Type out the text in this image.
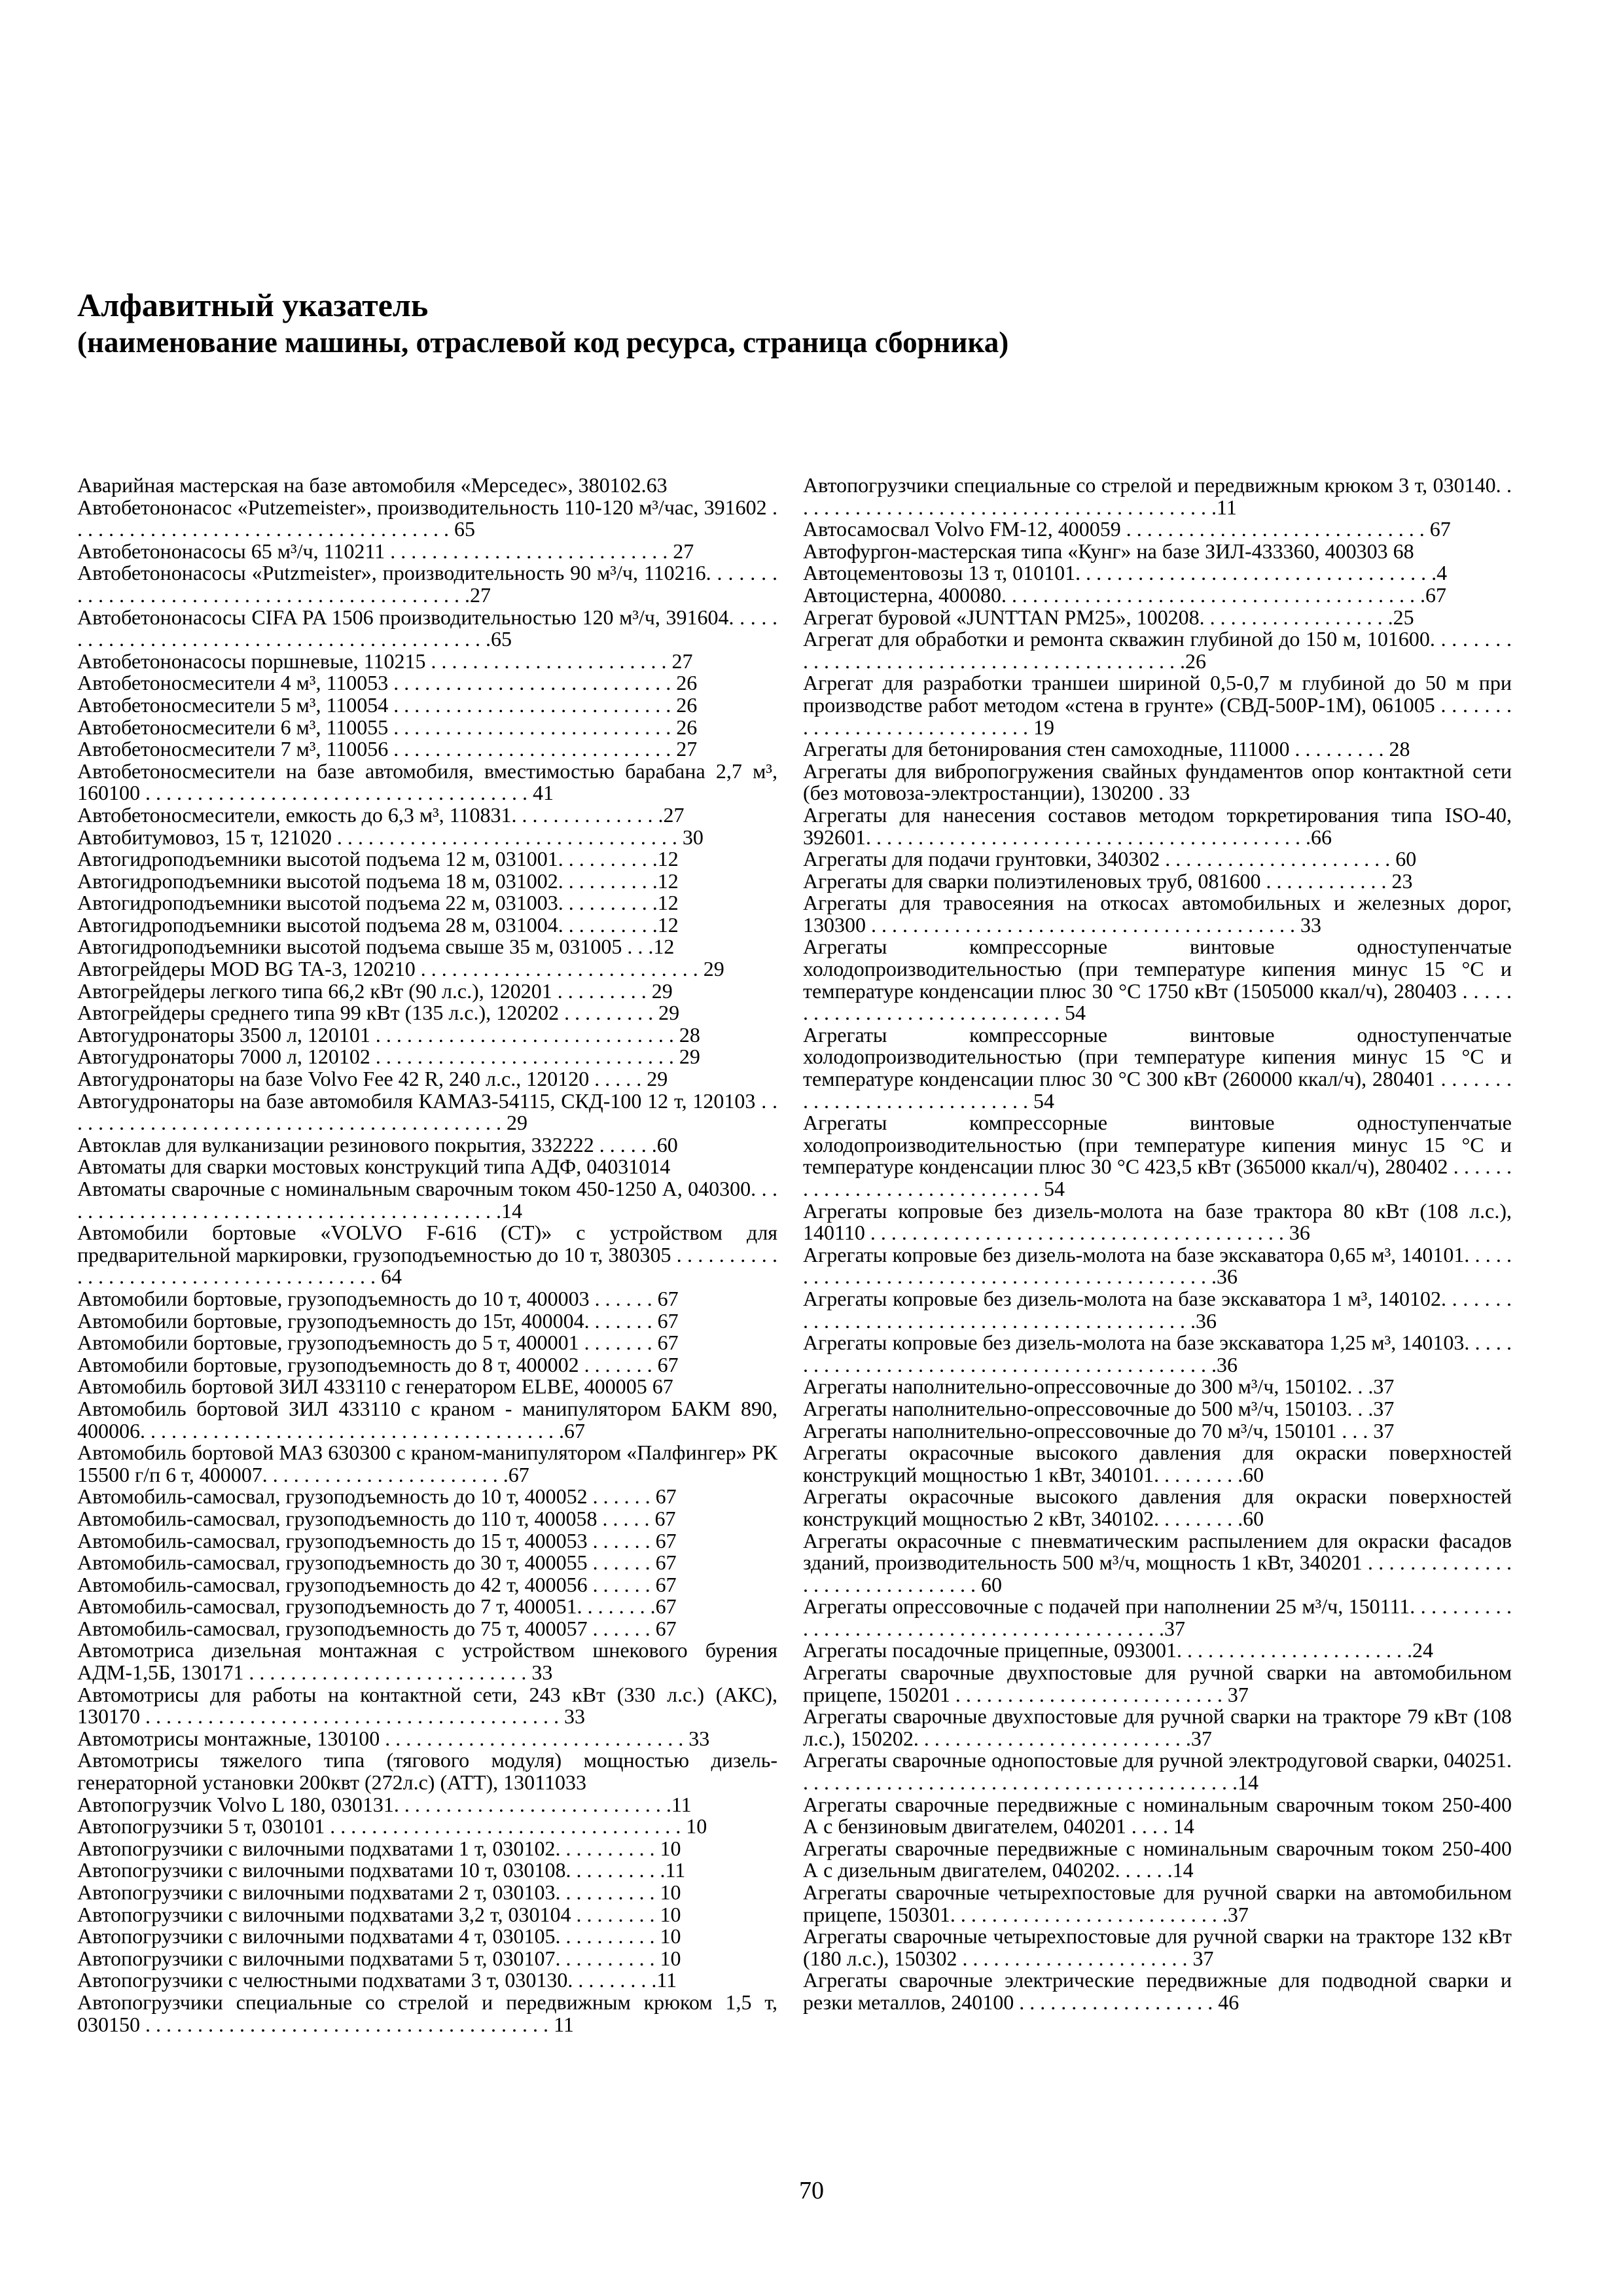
Алфавитный указатель
(наименование машины, отраслевой код ресурса, страница сборника)
Аварийная мастерская на базе автомобиля «Мерседес», 380102.63
Автобетононасос «Putzemeister», производительность 110-120 м³/час, 391602 . . . . . . . . . . . . . . . . . . . . . . . . . . . . . . . . . . . . . 65
Автобетононасосы 65 м³/ч, 110211 . . . . . . . . . . . . . . . . . . . . . . . . . . . 27
Автобетононасосы «Putzmeister», производительность 90 м³/ч, 110216. . . . . . . . . . . . . . . . . . . . . . . . . . . . . . . . . . . . . . . . . . . . .27
Автобетононасосы CIFA PA 1506 производительностью 120 м³/ч, 391604. . . . . . . . . . . . . . . . . . . . . . . . . . . . . . . . . . . . . . . . . . . . .65
Автобетононасосы поршневые, 110215 . . . . . . . . . . . . . . . . . . . . . . . 27
Автобетоносмесители 4 м³, 110053 . . . . . . . . . . . . . . . . . . . . . . . . . . . 26
Автобетоносмесители 5 м³, 110054 . . . . . . . . . . . . . . . . . . . . . . . . . . . 26
Автобетоносмесители 6 м³, 110055 . . . . . . . . . . . . . . . . . . . . . . . . . . . 26
Автобетоносмесители 7 м³, 110056 . . . . . . . . . . . . . . . . . . . . . . . . . . . 27
Автобетоносмесители на базе автомобиля, вместимостью барабана 2,7 м³, 160100 . . . . . . . . . . . . . . . . . . . . . . . . . . . . . . . . . . . . . 41
Автобетоносмесители, емкость до 6,3 м³, 110831. . . . . . . . . . . . . . .27
Автобитумовоз, 15 т, 121020 . . . . . . . . . . . . . . . . . . . . . . . . . . . . . . . . . 30
Автогидроподъемники высотой подъема 12 м, 031001. . . . . . . . . .12
Автогидроподъемники высотой подъема 18 м, 031002. . . . . . . . . .12
Автогидроподъемники высотой подъема 22 м, 031003. . . . . . . . . .12
Автогидроподъемники высотой подъема 28 м, 031004. . . . . . . . . .12
Автогидроподъемники высотой подъема свыше 35 м, 031005 . . .12
Автогрейдеры MOD BG TA-3, 120210 . . . . . . . . . . . . . . . . . . . . . . . . . . . 29
Автогрейдеры легкого типа 66,2 кВт (90 л.с.), 120201 . . . . . . . . . 29
Автогрейдеры среднего типа 99 кВт (135 л.с.), 120202 . . . . . . . . . 29
Автогудронаторы 3500 л, 120101 . . . . . . . . . . . . . . . . . . . . . . . . . . . . . 28
Автогудронаторы 7000 л, 120102 . . . . . . . . . . . . . . . . . . . . . . . . . . . . . 29
Автогудронаторы на базе Volvo Fee 42 R, 240 л.с., 120120 . . . . . 29
Автогудронаторы на базе автомобиля КАМАЗ-54115, СКД-100 12 т, 120103 . . . . . . . . . . . . . . . . . . . . . . . . . . . . . . . . . . . . . . . . . . . 29
Автоклав для вулканизации резинового покрытия, 332222 . . . . . .60
Автоматы для сварки мостовых конструкций типа АДФ, 04031014
Автоматы сварочные с номинальным сварочным током 450-1250 А, 040300. . . . . . . . . . . . . . . . . . . . . . . . . . . . . . . . . . . . . . . . . . . .14
Автомобили бортовые «VOLVO F-616 (CT)» с устройством для предварительной маркировки, грузоподъемностью до 10 т, 380305 . . . . . . . . . . . . . . . . . . . . . . . . . . . . . . . . . . . . . . . 64
Автомобили бортовые, грузоподъемность до 10 т, 400003 . . . . . . 67
Автомобили бортовые, грузоподъемность до 15т, 400004. . . . . . . 67
Автомобили бортовые, грузоподъемность до 5 т, 400001 . . . . . . . 67
Автомобили бортовые, грузоподъемность до 8 т, 400002 . . . . . . . 67
Автомобиль бортовой ЗИЛ 433110 с генератором ELBE, 400005 67
Автомобиль бортовой ЗИЛ 433110 с краном - манипулятором БАКМ 890, 400006. . . . . . . . . . . . . . . . . . . . . . . . . . . . . . . . . . . . . . . . .67
Автомобиль бортовой МАЗ 630300 с краном-манипулятором «Палфингер» РК 15500 г/п 6 т, 400007. . . . . . . . . . . . . . . . . . . . . . . .67
Автомобиль-самосвал, грузоподъемность до 10 т, 400052 . . . . . . 67
Автомобиль-самосвал, грузоподъемность до 110 т, 400058 . . . . . 67
Автомобиль-самосвал, грузоподъемность до 15 т, 400053 . . . . . . 67
Автомобиль-самосвал, грузоподъемность до 30 т, 400055 . . . . . . 67
Автомобиль-самосвал, грузоподъемность до 42 т, 400056 . . . . . . 67
Автомобиль-самосвал, грузоподъемность до 7 т, 400051. . . . . . . .67
Автомобиль-самосвал, грузоподъемность до 75 т, 400057 . . . . . . 67
Автомотриса дизельная монтажная с устройством шнекового бурения АДМ-1,5Б, 130171 . . . . . . . . . . . . . . . . . . . . . . . . . . . 33
Автомотрисы для работы на контактной сети, 243 кВт (330 л.с.) (АКС), 130170 . . . . . . . . . . . . . . . . . . . . . . . . . . . . . . . . . . . . . . . . 33
Автомотрисы монтажные, 130100 . . . . . . . . . . . . . . . . . . . . . . . . . . . . . 33
Автомотрисы тяжелого типа (тягового модуля) мощностью дизель-генераторной установки 200квт (272л.с) (АТТ), 13011033
Автопогрузчик Volvo L 180, 030131. . . . . . . . . . . . . . . . . . . . . . . . . . .11
Автопогрузчики 5 т, 030101 . . . . . . . . . . . . . . . . . . . . . . . . . . . . . . . . . . 10
Автопогрузчики с вилочными подхватами 1 т, 030102. . . . . . . . . . 10
Автопогрузчики с вилочными подхватами 10 т, 030108. . . . . . . . . .11
Автопогрузчики с вилочными подхватами 2 т, 030103. . . . . . . . . . 10
Автопогрузчики с вилочными подхватами 3,2 т, 030104 . . . . . . . . 10
Автопогрузчики с вилочными подхватами 4 т, 030105. . . . . . . . . . 10
Автопогрузчики с вилочными подхватами 5 т, 030107. . . . . . . . . . 10
Автопогрузчики с челюстными подхватами 3 т, 030130. . . . . . . . .11
Автопогрузчики специальные со стрелой и передвижным крюком 1,5 т, 030150 . . . . . . . . . . . . . . . . . . . . . . . . . . . . . . . . . . . . . . . 11
Автопогрузчики специальные со стрелой и передвижным крюком 3 т, 030140. . . . . . . . . . . . . . . . . . . . . . . . . . . . . . . . . . . . . . . . . .11
Автосамосвал Volvo FM-12, 400059 . . . . . . . . . . . . . . . . . . . . . . . . . . . . . 67
Автофургон-мастерская типа «Кунг» на базе ЗИЛ-433360, 400303 68
Автоцементовозы 13 т, 010101. . . . . . . . . . . . . . . . . . . . . . . . . . . . . . . . . . .4
Автоцистерна, 400080. . . . . . . . . . . . . . . . . . . . . . . . . . . . . . . . . . . . . . . . .67
Агрегат буровой «JUNTTAN PM25», 100208. . . . . . . . . . . . . . . . . . .25
Агрегат для обработки и ремонта скважин глубиной до 150 м, 101600. . . . . . . . . . . . . . . . . . . . . . . . . . . . . . . . . . . . . . . . . . . . .26
Агрегат для разработки траншеи шириной 0,5-0,7 м глубиной до 50 м при производстве работ методом «стена в грунте» (СВД-500Р-1М), 061005 . . . . . . . . . . . . . . . . . . . . . . . . . . . . . 19
Агрегаты для бетонирования стен самоходные, 111000 . . . . . . . . . 28
Агрегаты для вибропогружения свайных фундаментов опор контактной сети (без мотовоза-электростанции), 130200 . 33
Агрегаты для нанесения составов методом торкретирования типа ISO-40, 392601. . . . . . . . . . . . . . . . . . . . . . . . . . . . . . . . . . . . . . . . . . .66
Агрегаты для подачи грунтовки, 340302 . . . . . . . . . . . . . . . . . . . . . . 60
Агрегаты для сварки полиэтиленовых труб, 081600 . . . . . . . . . . . . 23
Агрегаты для травосеяния на откосах автомобильных и железных дорог, 130300 . . . . . . . . . . . . . . . . . . . . . . . . . . . . . . . . . . . . . . . . . 33
Агрегаты компрессорные винтовые одноступенчатые холодопроизводительностью (при температуре кипения минус 15 °С и температуре конденсации плюс 30 °С 1750 кВт (1505000 ккал/ч), 280403 . . . . . . . . . . . . . . . . . . . . . . . . . . . . . . 54
Агрегаты компрессорные винтовые одноступенчатые холодопроизводительностью (при температуре кипения минус 15 °С и температуре конденсации плюс 30 °С 300 кВт (260000 ккал/ч), 280401 . . . . . . . . . . . . . . . . . . . . . . . . . . . . . 54
Агрегаты компрессорные винтовые одноступенчатые холодопроизводительностью (при температуре кипения минус 15 °С и температуре конденсации плюс 30 °С 423,5 кВт (365000 ккал/ч), 280402 . . . . . . . . . . . . . . . . . . . . . . . . . . . . . 54
Агрегаты копровые без дизель-молота на базе трактора 80 кВт (108 л.с.), 140110 . . . . . . . . . . . . . . . . . . . . . . . . . . . . . . . . . . . . . . . . 36
Агрегаты копровые без дизель-молота на базе экскаватора 0,65 м³, 140101. . . . . . . . . . . . . . . . . . . . . . . . . . . . . . . . . . . . . . . . . . . . .36
Агрегаты копровые без дизель-молота на базе экскаватора 1 м³, 140102. . . . . . . . . . . . . . . . . . . . . . . . . . . . . . . . . . . . . . . . . . . . .36
Агрегаты копровые без дизель-молота на базе экскаватора 1,25 м³, 140103. . . . . . . . . . . . . . . . . . . . . . . . . . . . . . . . . . . . . . . . . . . . .36
Агрегаты наполнительно-опрессовочные до 300 м³/ч, 150102. . .37
Агрегаты наполнительно-опрессовочные до 500 м³/ч, 150103. . .37
Агрегаты наполнительно-опрессовочные до 70 м³/ч, 150101 . . . 37
Агрегаты окрасочные высокого давления для окраски поверхностей конструкций мощностью 1 кВт, 340101. . . . . . . . .60
Агрегаты окрасочные высокого давления для окраски поверхностей конструкций мощностью 2 кВт, 340102. . . . . . . . .60
Агрегаты окрасочные с пневматическим распылением для окраски фасадов зданий, производительность 500 м³/ч, мощность 1 кВт, 340201 . . . . . . . . . . . . . . . . . . . . . . . . . . . . . . . 60
Агрегаты опрессовочные с подачей при наполнении 25 м³/ч, 150111. . . . . . . . . . . . . . . . . . . . . . . . . . . . . . . . . . . . . . . . . . . . .37
Агрегаты посадочные прицепные, 093001. . . . . . . . . . . . . . . . . . . . . . .24
Агрегаты сварочные двухпостовые для ручной сварки на автомобильном прицепе, 150201 . . . . . . . . . . . . . . . . . . . . . . . . . . 37
Агрегаты сварочные двухпостовые для ручной сварки на тракторе 79 кВт (108 л.с.), 150202. . . . . . . . . . . . . . . . . . . . . . . . . . .37
Агрегаты сварочные однопостовые для ручной электродуговой сварки, 040251. . . . . . . . . . . . . . . . . . . . . . . . . . . . . . . . . . . . . . . . . . .14
Агрегаты сварочные передвижные с номинальным сварочным током 250-400 А с бензиновым двигателем, 040201 . . . . 14
Агрегаты сварочные передвижные с номинальным сварочным током 250-400 А с дизельным двигателем, 040202. . . . . .14
Агрегаты сварочные четырехпостовые для ручной сварки на автомобильном прицепе, 150301. . . . . . . . . . . . . . . . . . . . . . . . . . .37
Агрегаты сварочные четырехпостовые для ручной сварки на тракторе 132 кВт (180 л.с.), 150302 . . . . . . . . . . . . . . . . . . . . . . 37
Агрегаты сварочные электрические передвижные для подводной сварки и резки металлов, 240100 . . . . . . . . . . . . . . . . . . . 46
70
